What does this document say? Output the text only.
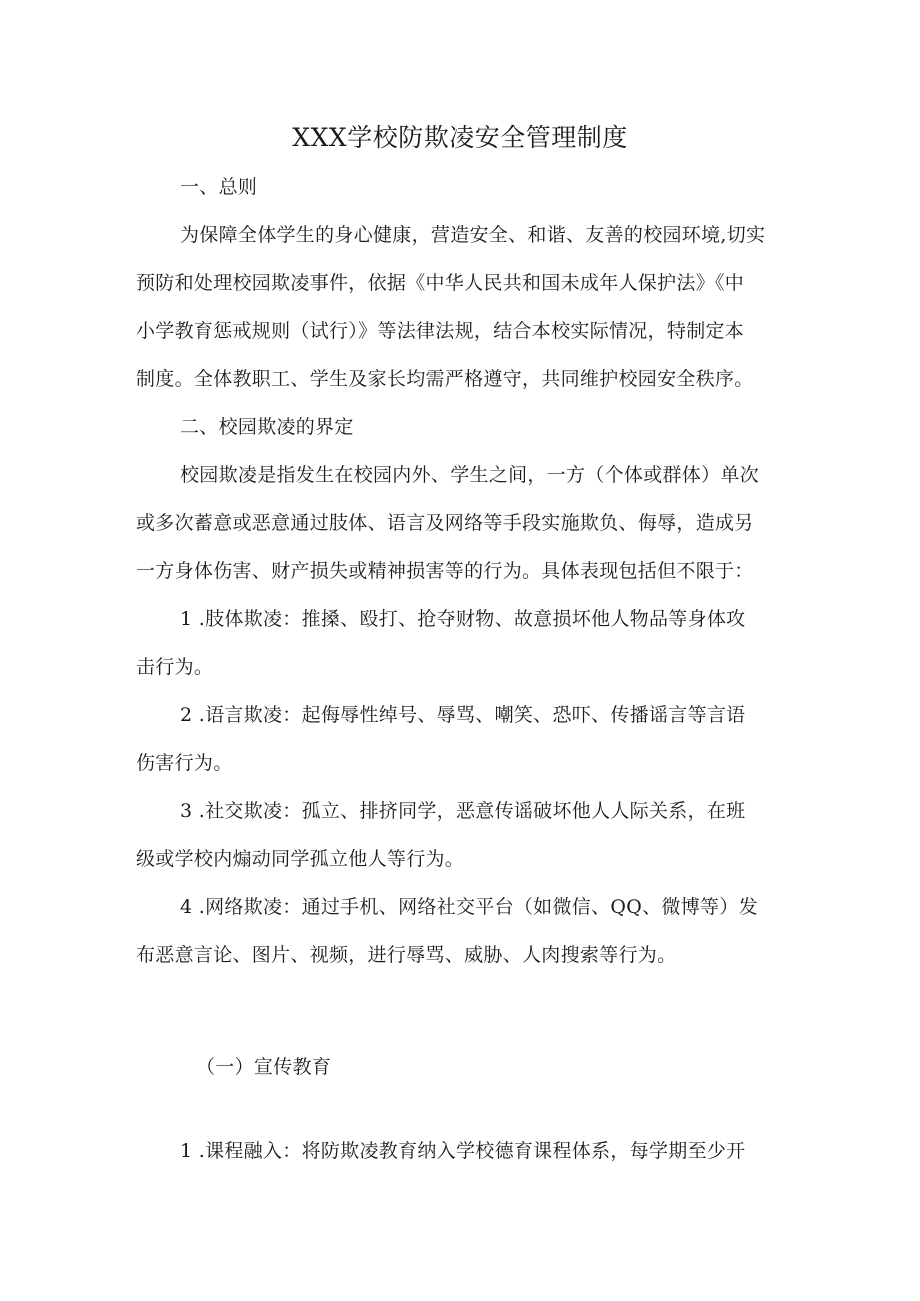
XXX学校防欺凌安全管理制度
一、总则
为保障全体学生的身心健康，营造安全、和谐、友善的校园环境,切实
预防和处理校园欺凌事件，依据《中华人民共和国未成年人保护法》《中
小学教育惩戒规则（试行）》等法律法规，结合本校实际情况，特制定本
制度。全体教职工、学生及家长均需严格遵守，共同维护校园安全秩序。
二、校园欺凌的界定
校园欺凌是指发生在校园内外、学生之间，一方（个体或群体）单次
或多次蓄意或恶意通过肢体、语言及网络等手段实施欺负、侮辱，造成另
一方身体伤害、财产损失或精神损害等的行为。具体表现包括但不限于：
1 .肢体欺凌：推搡、殴打、抢夺财物、故意损坏他人物品等身体攻
击行为。
2 .语言欺凌：起侮辱性绰号、辱骂、嘲笑、恐吓、传播谣言等言语
伤害行为。
3 .社交欺凌：孤立、排挤同学，恶意传谣破坏他人人际关系，在班
级或学校内煽动同学孤立他人等行为。
4 .网络欺凌：通过手机、网络社交平台（如微信、QQ、微博等）发
布恶意言论、图片、视频，进行辱骂、威胁、人肉搜索等行为。
（一）宣传教育
1 .课程融入：将防欺凌教育纳入学校德育课程体系，每学期至少开
